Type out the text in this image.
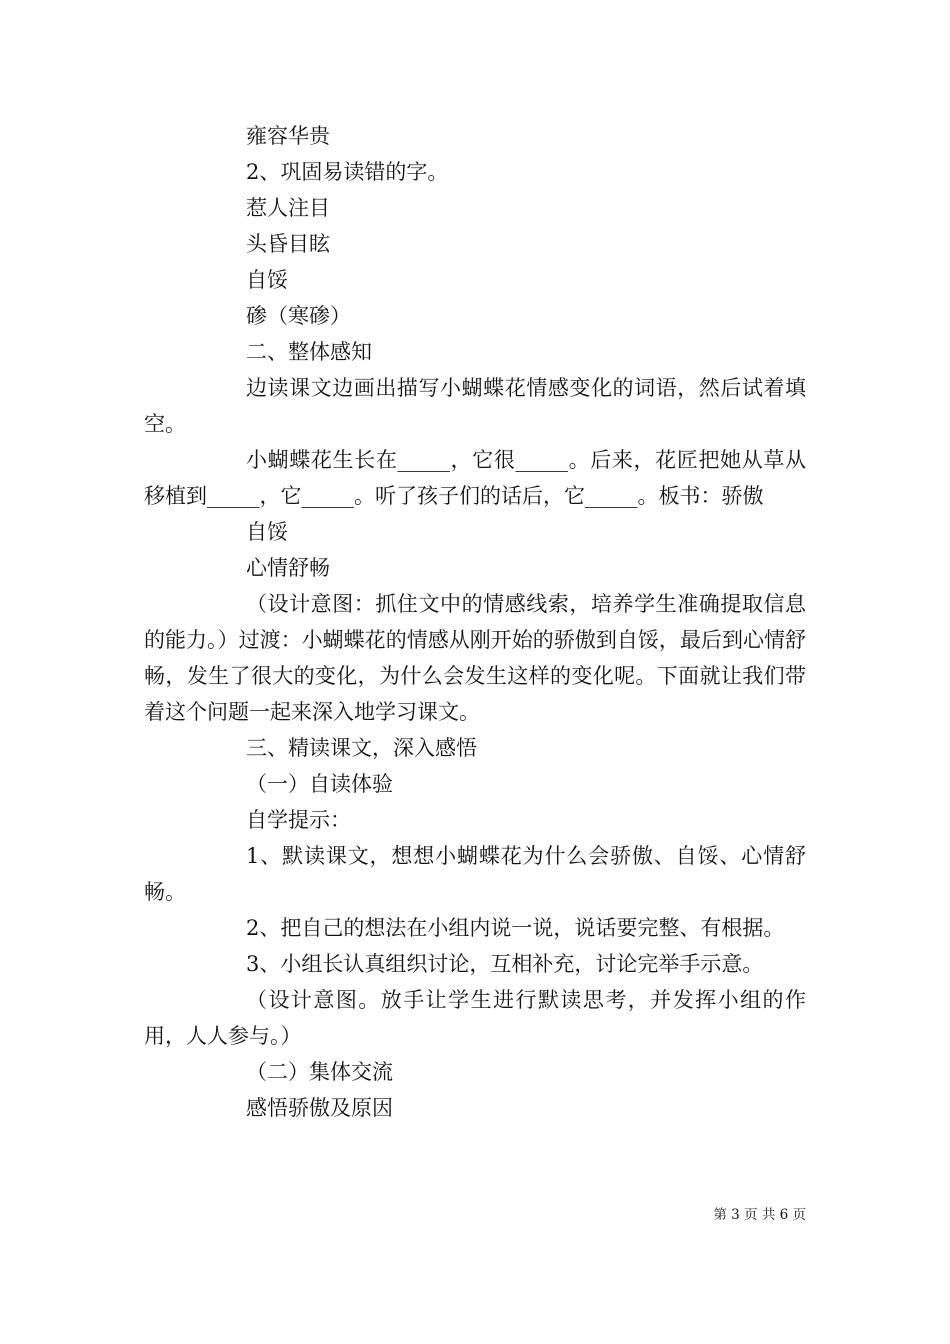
雍容华贵

2、巩固易读错的字。

惹人注目

头昏目眩

自馁

碜（寒碜）

二、整体感知

边读课文边画出描写小蝴蝶花情感变化的词语，然后试着填空。

小蝴蝶花生长在_____，它很_____。后来，花匠把她从草从移植到_____，它_____。听了孩子们的话后，它_____。板书：骄傲

自馁

心情舒畅

（设计意图：抓住文中的情感线索，培养学生准确提取信息的能力。）过渡：小蝴蝶花的情感从刚开始的骄傲到自馁，最后到心情舒畅，发生了很大的变化，为什么会发生这样的变化呢。下面就让我们带着这个问题一起来深入地学习课文。

三、精读课文，深入感悟

（一）自读体验

自学提示：

1、默读课文，想想小蝴蝶花为什么会骄傲、自馁、心情舒畅。

2、把自己的想法在小组内说一说，说话要完整、有根据。

3、小组长认真组织讨论，互相补充，讨论完举手示意。

（设计意图。放手让学生进行默读思考，并发挥小组的作用，人人参与。）

（二）集体交流

感悟骄傲及原因

第 3 页 共 6 页
